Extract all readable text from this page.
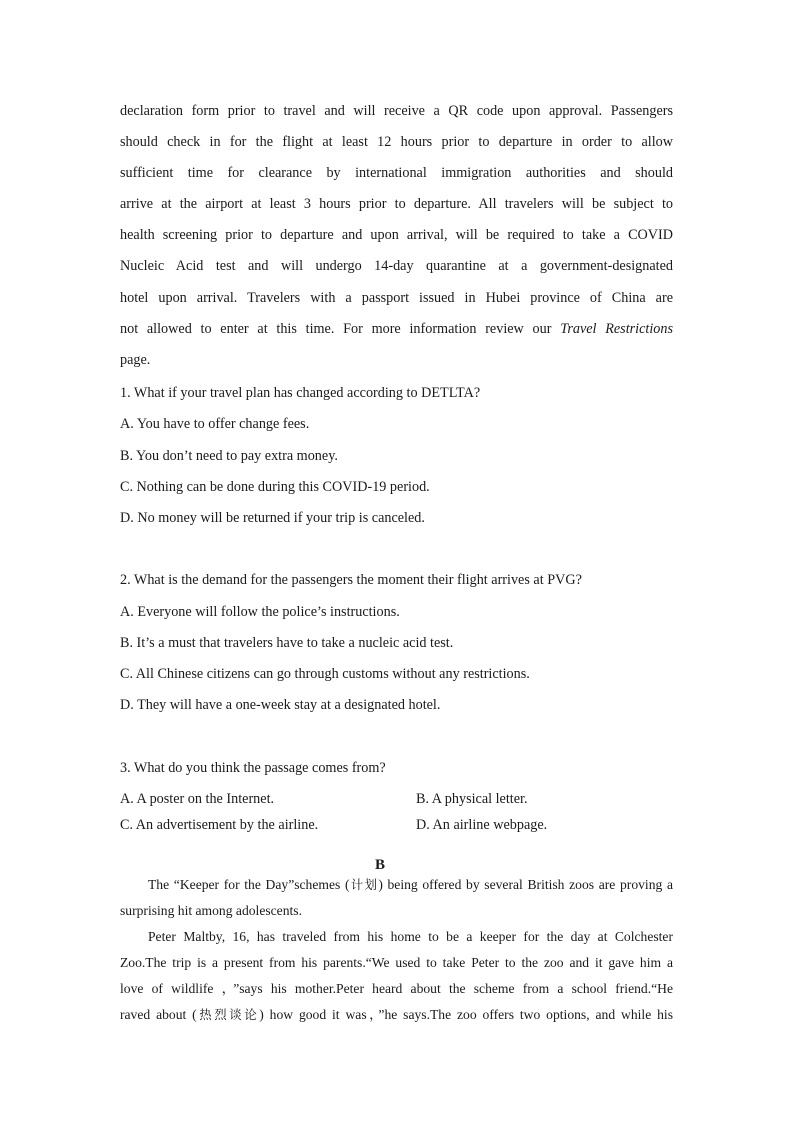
declaration form prior to travel and will receive a QR code upon approval. Passengers
should check in for the flight at least 12 hours prior to departure in order to allow
sufficient time for clearance by international immigration authorities and should
arrive at the airport at least 3 hours prior to departure. All travelers will be subject to
health screening prior to departure and upon arrival, will be required to take a COVID
Nucleic Acid test and will undergo 14-day quarantine at a government-designated
hotel upon arrival. Travelers with a passport issued in Hubei province of China are
not allowed to enter at this time. For more information review our Travel Restrictions
page.
1. What if your travel plan has changed according to DETLTA?
A. You have to offer change fees.
B. You don’t need to pay extra money.
C. Nothing can be done during this COVID-19 period.
D. No money will be returned if your trip is canceled.
2. What is the demand for the passengers the moment their flight arrives at PVG?
A. Everyone will follow the police’s instructions.
B. It’s a must that travelers have to take a nucleic acid test.
C. All Chinese citizens can go through customs without any restrictions.
D. They will have a one-week stay at a designated hotel.
3. What do you think the passage comes from?
A. A poster on the Internet.	B. A physical letter.
C. An advertisement by the airline.	D. An airline webpage.
B
The “Keeper for the Day”schemes (计划) being offered by several British zoos are proving a
surprising hit among adolescents.
Peter Maltby, 16, has traveled from his home to be a keeper for the day at Colchester
Zoo.The trip is a present from his parents.“We used to take Peter to the zoo and it gave him a
love of wildlife ，”says his mother.Peter heard about the scheme from a school friend.“He
raved about (热烈谈论) how good it was，”he says.The zoo offers two options, and while his
